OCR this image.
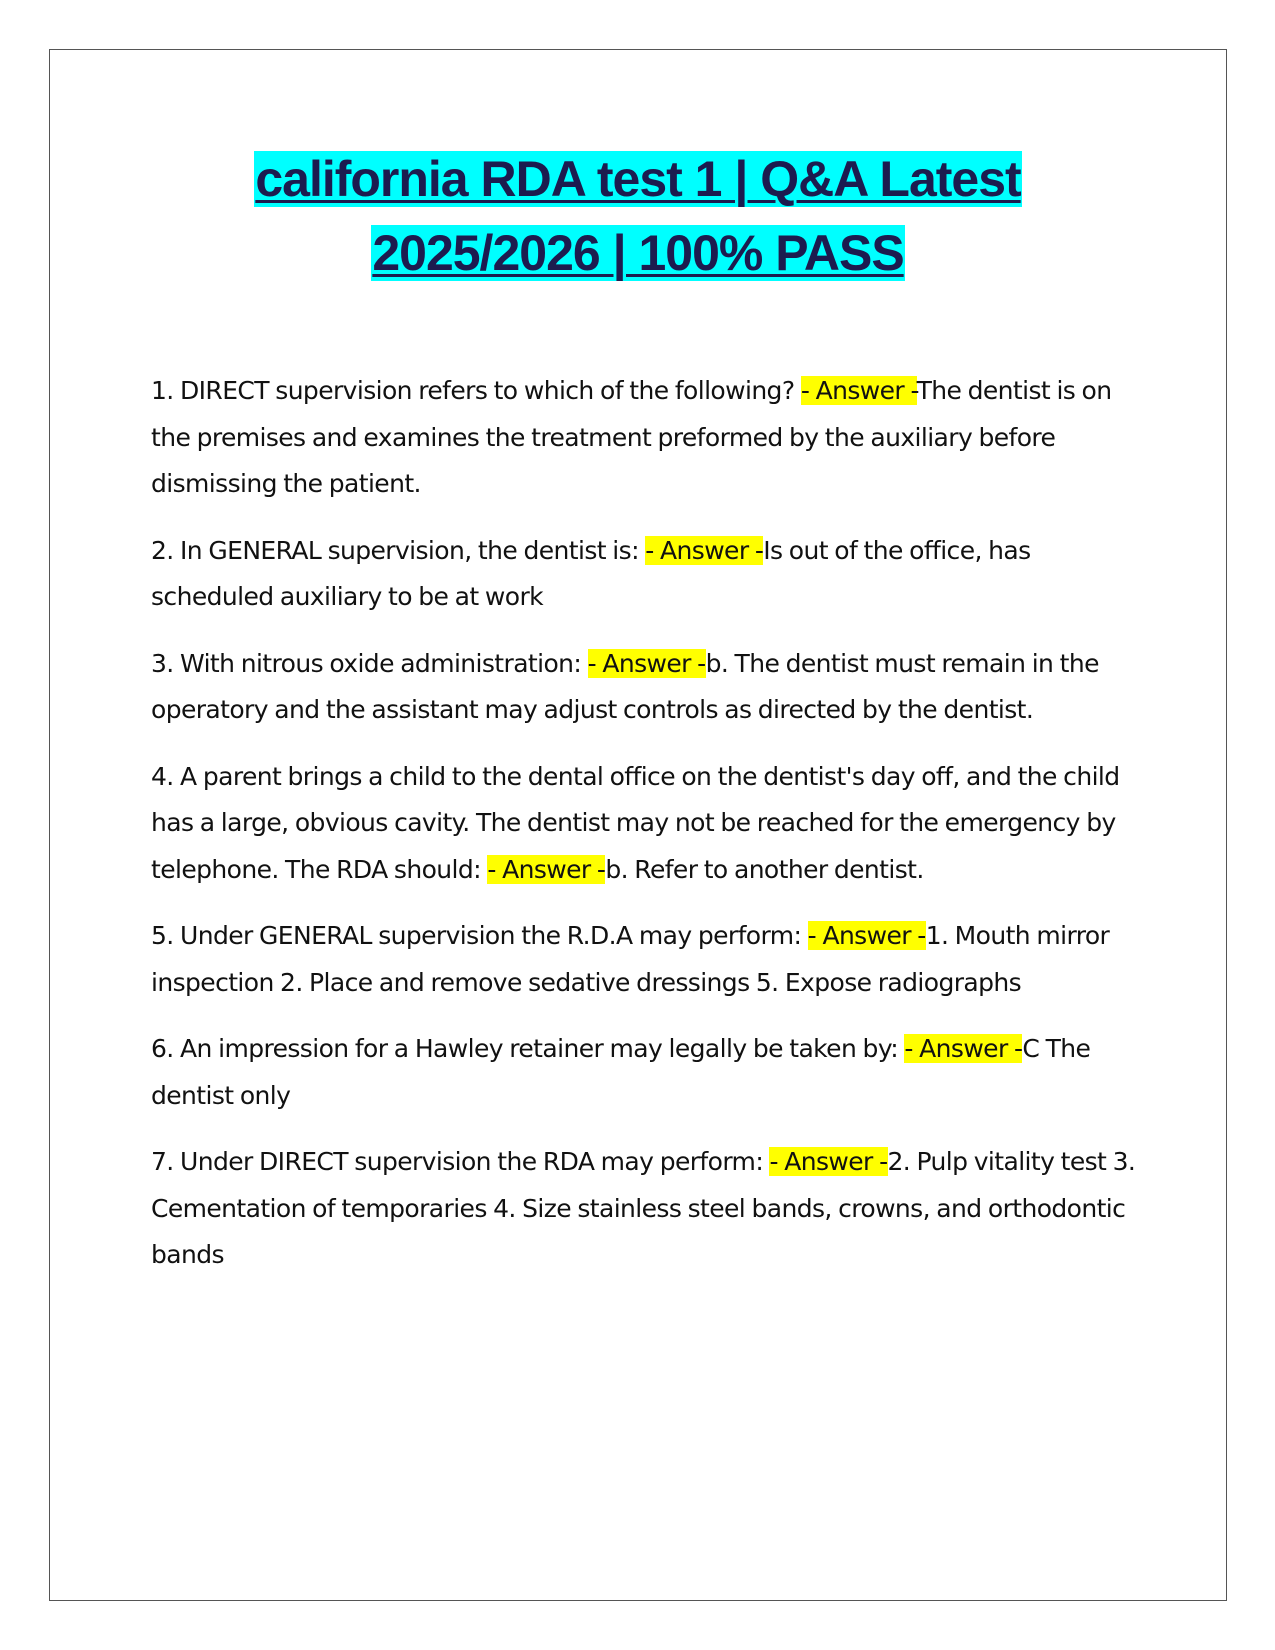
california RDA test 1 | Q&A Latest
2025/2026 | 100% PASS
1. DIRECT supervision refers to which of the following? - Answer -The dentist is on the premises and examines the treatment preformed by the auxiliary before dismissing the patient.
2. In GENERAL supervision, the dentist is: - Answer -Is out of the office, has scheduled auxiliary to be at work
3. With nitrous oxide administration: - Answer -b. The dentist must remain in the operatory and the assistant may adjust controls as directed by the dentist.
4. A parent brings a child to the dental office on the dentist's day off, and the child has a large, obvious cavity. The dentist may not be reached for the emergency by telephone. The RDA should: - Answer -b. Refer to another dentist.
5. Under GENERAL supervision the R.D.A may perform: - Answer -1. Mouth mirror inspection 2. Place and remove sedative dressings 5. Expose radiographs
6. An impression for a Hawley retainer may legally be taken by: - Answer -C The dentist only
7. Under DIRECT supervision the RDA may perform: - Answer -2. Pulp vitality test 3. Cementation of temporaries 4. Size stainless steel bands, crowns, and orthodontic bands
